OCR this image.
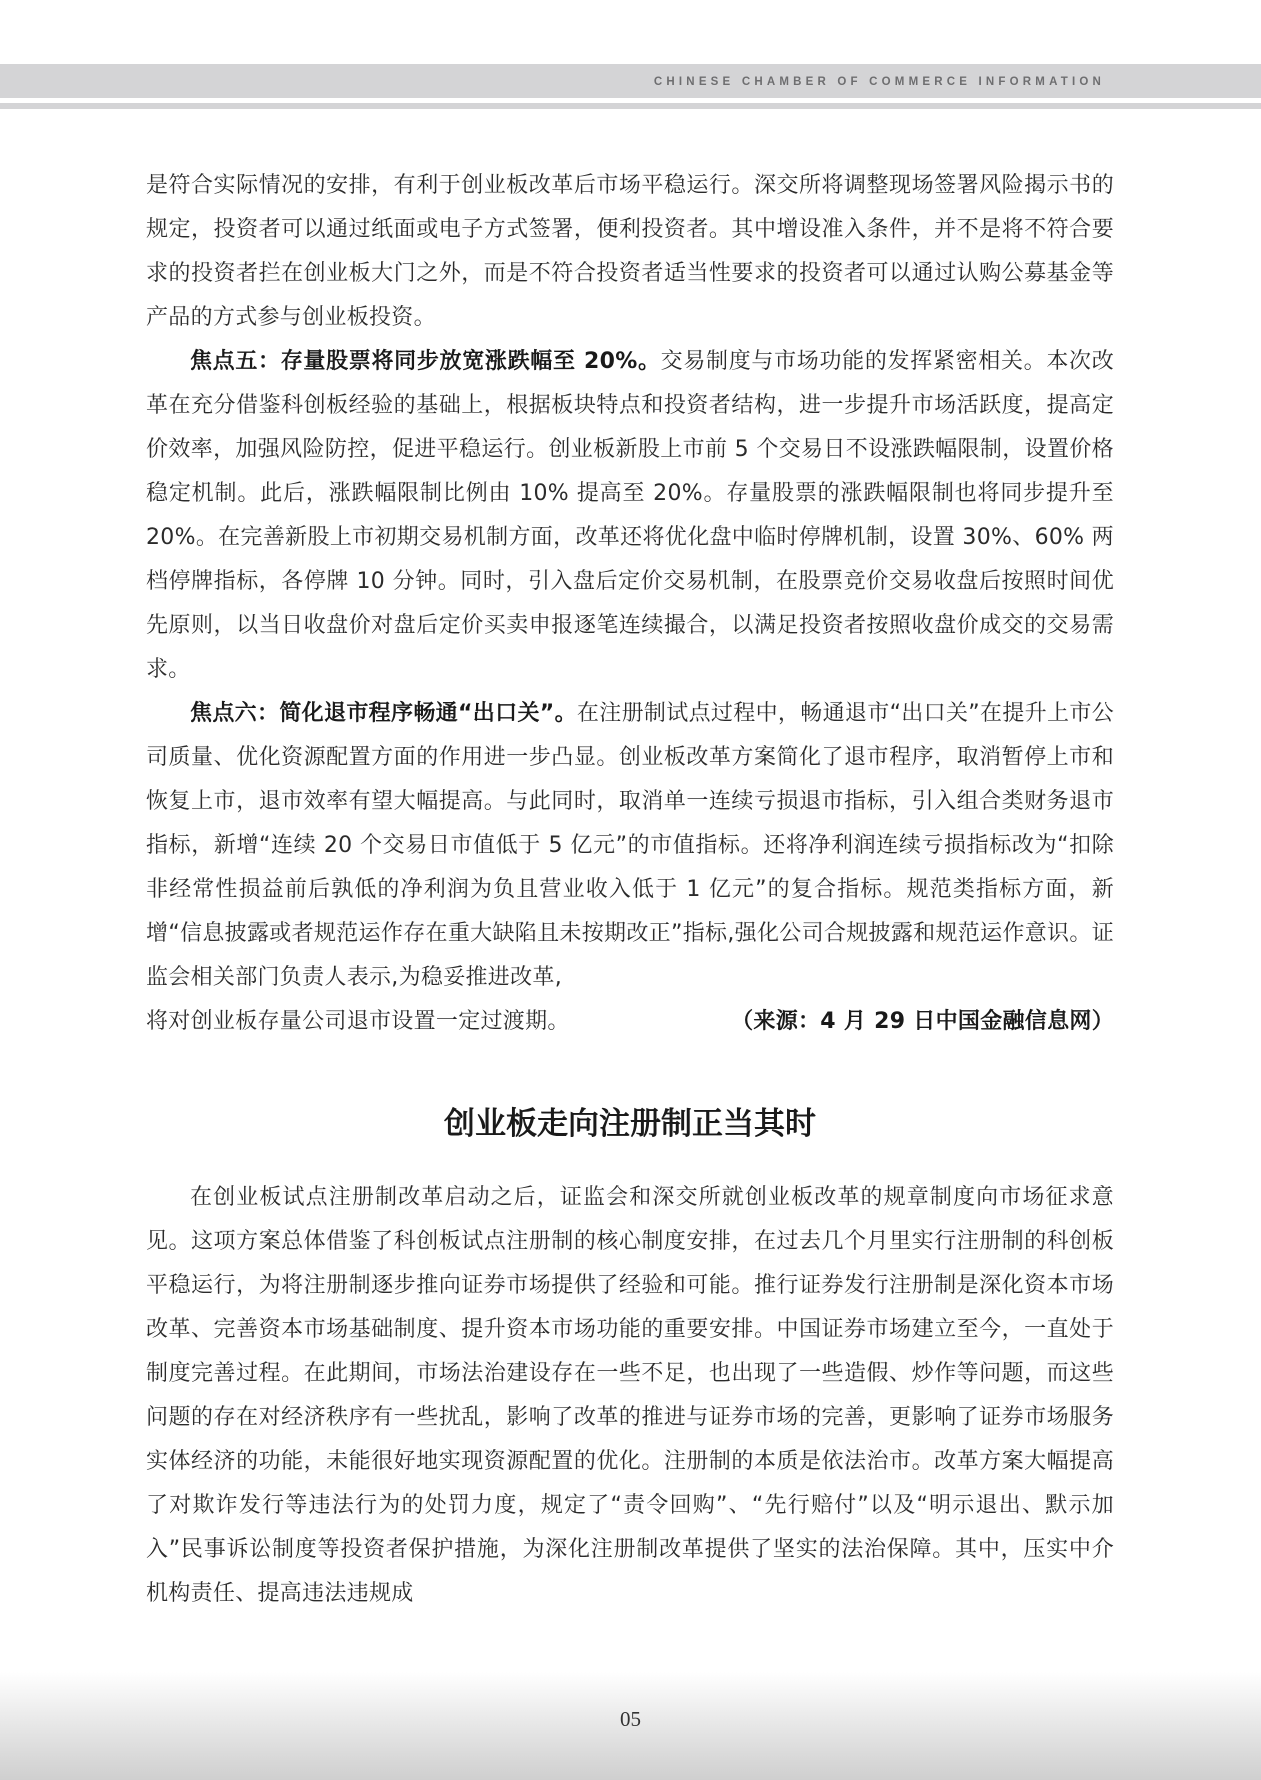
CHINESE CHAMBER OF COMMERCE INFORMATION

是符合实际情况的安排，有利于创业板改革后市场平稳运行。深交所将调整现场签署风险揭示书的规定，投资者可以通过纸面或电子方式签署，便利投资者。其中增设准入条件，并不是将不符合要求的投资者拦在创业板大门之外，而是不符合投资者适当性要求的投资者可以通过认购公募基金等产品的方式参与创业板投资。

焦点五：存量股票将同步放宽涨跌幅至 20%。交易制度与市场功能的发挥紧密相关。本次改革在充分借鉴科创板经验的基础上，根据板块特点和投资者结构，进一步提升市场活跃度，提高定价效率，加强风险防控，促进平稳运行。创业板新股上市前 5 个交易日不设涨跌幅限制，设置价格稳定机制。此后，涨跌幅限制比例由 10% 提高至 20%。存量股票的涨跌幅限制也将同步提升至 20%。在完善新股上市初期交易机制方面，改革还将优化盘中临时停牌机制，设置 30%、60% 两档停牌指标，各停牌 10 分钟。同时，引入盘后定价交易机制，在股票竞价交易收盘后按照时间优先原则，以当日收盘价对盘后定价买卖申报逐笔连续撮合，以满足投资者按照收盘价成交的交易需求。

焦点六：简化退市程序畅通“出口关”。在注册制试点过程中，畅通退市“出口关”在提升上市公司质量、优化资源配置方面的作用进一步凸显。创业板改革方案简化了退市程序，取消暂停上市和恢复上市，退市效率有望大幅提高。与此同时，取消单一连续亏损退市指标，引入组合类财务退市指标，新增“连续 20 个交易日市值低于 5 亿元”的市值指标。还将净利润连续亏损指标改为“扣除非经常性损益前后孰低的净利润为负且营业收入低于 1 亿元”的复合指标。规范类指标方面，新增“信息披露或者规范运作存在重大缺陷且未按期改正”指标,强化公司合规披露和规范运作意识。证监会相关部门负责人表示,为稳妥推进改革,

将对创业板存量公司退市设置一定过渡期。	（来源：4 月 29 日中国金融信息网）

创业板走向注册制正当其时

在创业板试点注册制改革启动之后，证监会和深交所就创业板改革的规章制度向市场征求意见。这项方案总体借鉴了科创板试点注册制的核心制度安排，在过去几个月里实行注册制的科创板平稳运行，为将注册制逐步推向证券市场提供了经验和可能。推行证券发行注册制是深化资本市场改革、完善资本市场基础制度、提升资本市场功能的重要安排。中国证券市场建立至今，一直处于制度完善过程。在此期间，市场法治建设存在一些不足，也出现了一些造假、炒作等问题，而这些问题的存在对经济秩序有一些扰乱，影响了改革的推进与证券市场的完善，更影响了证券市场服务实体经济的功能，未能很好地实现资源配置的优化。注册制的本质是依法治市。改革方案大幅提高了对欺诈发行等违法行为的处罚力度，规定了“责令回购”、“先行赔付”以及“明示退出、默示加入”民事诉讼制度等投资者保护措施，为深化注册制改革提供了坚实的法治保障。其中，压实中介机构责任、提高违法违规成

05
